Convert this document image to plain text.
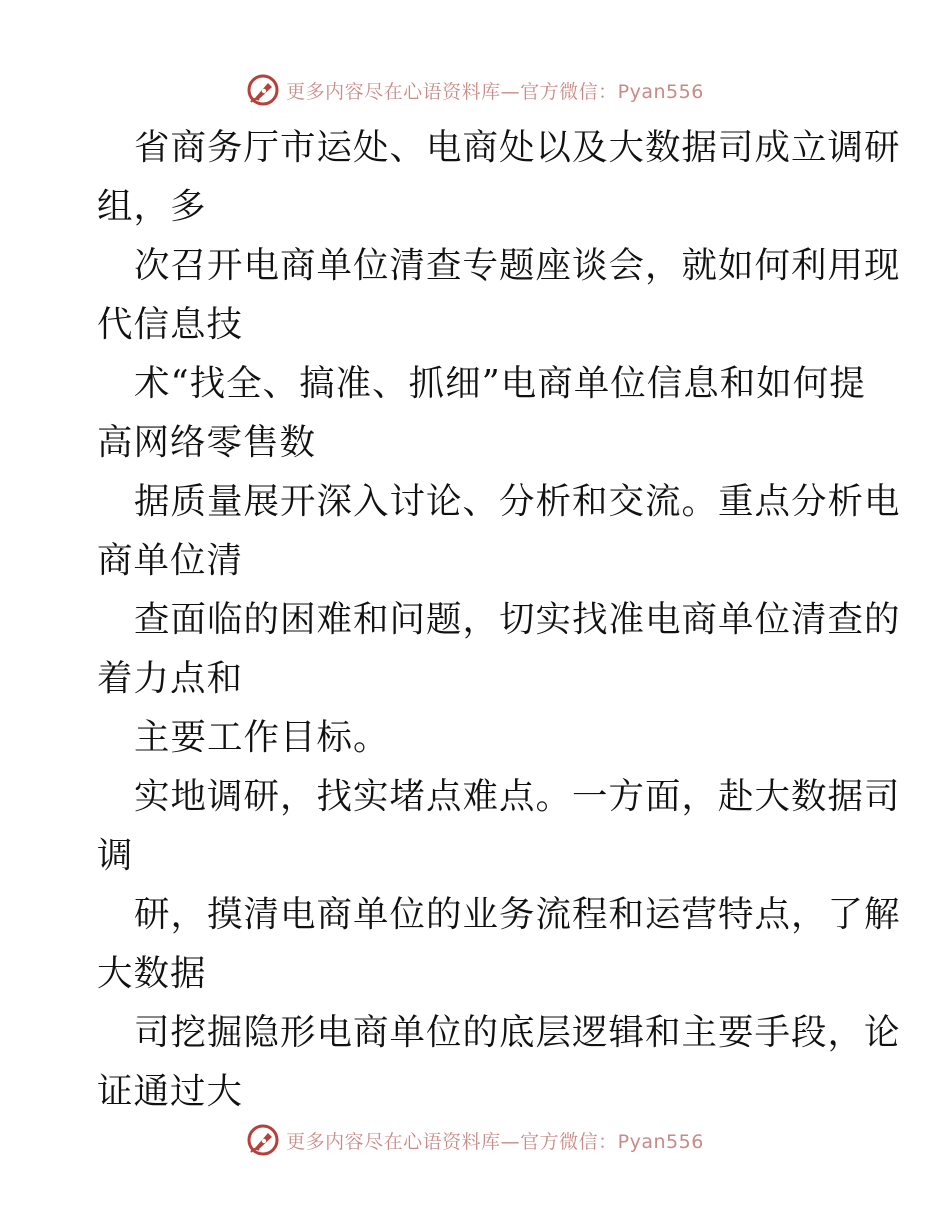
更多内容尽在心语资料库—官方微信：Pyan556
省商务厅市运处、电商处以及大数据司成立调研
组，多
次召开电商单位清查专题座谈会，就如何利用现
代信息技
术“找全、搞准、抓细”电商单位信息和如何提
高网络零售数
据质量展开深入讨论、分析和交流。重点分析电
商单位清
查面临的困难和问题，切实找准电商单位清查的
着力点和
主要工作目标。
实地调研，找实堵点难点。一方面，赴大数据司
调
研，摸清电商单位的业务流程和运营特点，了解
大数据
司挖掘隐形电商单位的底层逻辑和主要手段，论
证通过大
更多内容尽在心语资料库—官方微信：Pyan556
